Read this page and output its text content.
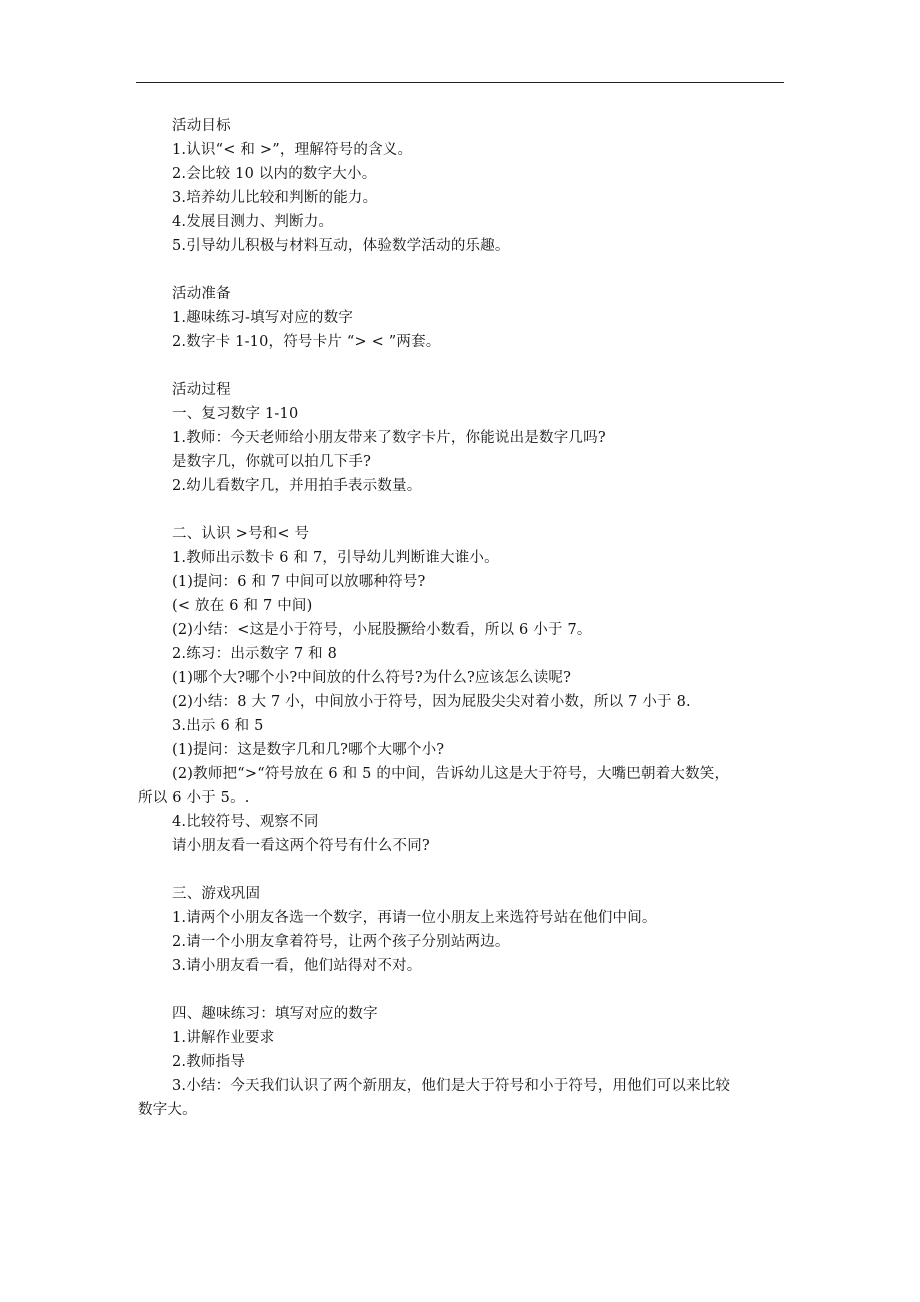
活动目标
1.认识“< 和 >”，理解符号的含义。
2.会比较 10 以内的数字大小。
3.培养幼儿比较和判断的能力。
4.发展目测力、判断力。
5.引导幼儿积极与材料互动，体验数学活动的乐趣。
活动准备
1.趣味练习-填写对应的数字
2.数字卡 1-10，符号卡片 “> < ”两套。
活动过程
一、复习数字 1-10
1.教师：今天老师给小朋友带来了数字卡片，你能说出是数字几吗?
是数字几，你就可以拍几下手?
2.幼儿看数字几，并用拍手表示数量。
二、认识 >号和< 号
1.教师出示数卡 6 和 7，引导幼儿判断谁大谁小。
(1)提问：6 和 7 中间可以放哪种符号?
(< 放在 6 和 7 中间)
(2)小结：<这是小于符号，小屁股撅给小数看，所以 6 小于 7。
2.练习：出示数字 7 和 8
(1)哪个大?哪个小?中间放的什么符号?为什么?应该怎么读呢?
(2)小结：8 大 7 小，中间放小于符号，因为屁股尖尖对着小数，所以 7 小于 8.
3.出示 6 和 5
(1)提问：这是数字几和几?哪个大哪个小?
(2)教师把“>“符号放在 6 和 5 的中间，告诉幼儿这是大于符号，大嘴巴朝着大数笑，
所以 6 小于 5。.
4.比较符号、观察不同
请小朋友看一看这两个符号有什么不同?
三、游戏巩固
1.请两个小朋友各选一个数字，再请一位小朋友上来选符号站在他们中间。
2.请一个小朋友拿着符号，让两个孩子分别站两边。
3.请小朋友看一看，他们站得对不对。
四、趣味练习：填写对应的数字
1.讲解作业要求
2.教师指导
3.小结：今天我们认识了两个新朋友，他们是大于符号和小于符号，用他们可以来比较
数字大。
